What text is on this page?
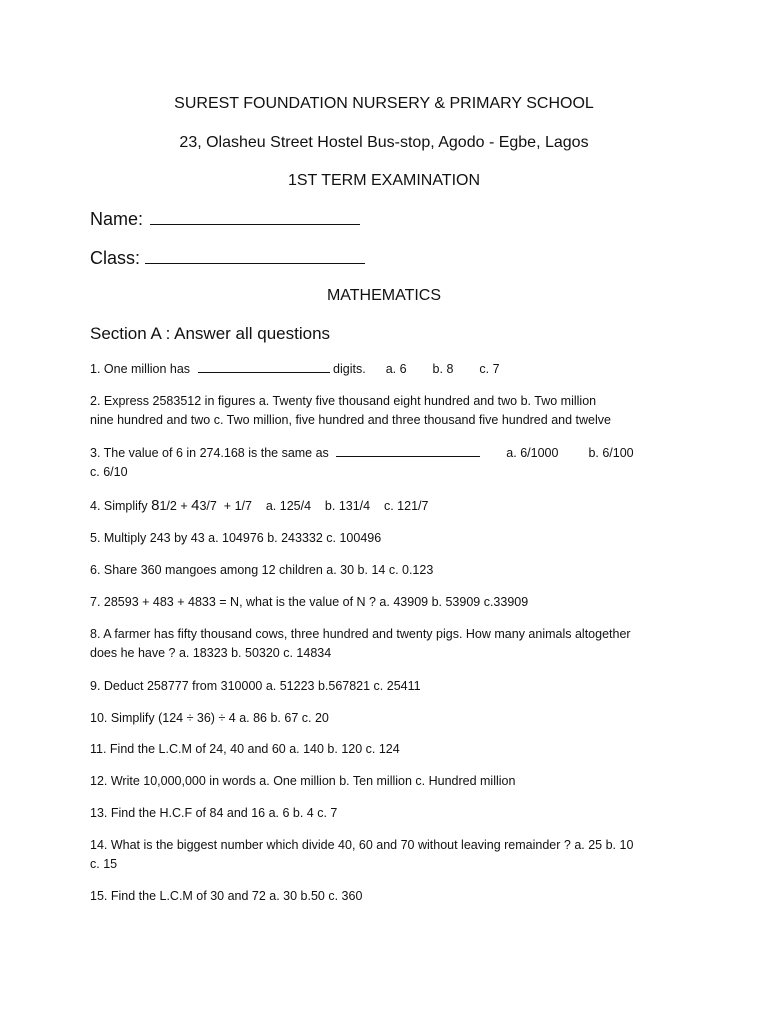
SUREST FOUNDATION NURSERY & PRIMARY SCHOOL
23, Olasheu Street Hostel Bus-stop, Agodo - Egbe, Lagos
1ST TERM EXAMINATION
Name:
Class:
MATHEMATICS
Section A : Answer all questions
1. One million has	digits. a. 6 b. 8 c. 7
2. Express 2583512 in figures a. Twenty five thousand eight hundred and two b. Two million
nine hundred and two c. Two million, five hundred and three thousand five hundred and twelve
3. The value of 6 in 274.168 is the same as	a. 6/1000 b. 6/100
c. 6/10
4. Simplify 81/2 + 43/7  + 1/7    a. 125/4    b. 131/4    c. 121/7
5. Multiply 243 by 43 a. 104976 b. 243332 c. 100496
6. Share 360 mangoes among 12 children a. 30 b. 14 c. 0.123
7. 28593 + 483 + 4833 = N, what is the value of N ? a. 43909 b. 53909 c.33909
8. A farmer has fifty thousand cows, three hundred and twenty pigs. How many animals altogether
does he have ? a. 18323 b. 50320 c. 14834
9. Deduct 258777 from 310000 a. 51223 b.567821 c. 25411
10. Simplify (124 ÷ 36) ÷ 4 a. 86 b. 67 c. 20
11. Find the L.C.M of 24, 40 and 60 a. 140 b. 120 c. 124
12. Write 10,000,000 in words a. One million b. Ten million c. Hundred million
13. Find the H.C.F of 84 and 16 a. 6 b. 4 c. 7
14. What is the biggest number which divide 40, 60 and 70 without leaving remainder ? a. 25 b. 10
c. 15
15. Find the L.C.M of 30 and 72 a. 30 b.50 c. 360
